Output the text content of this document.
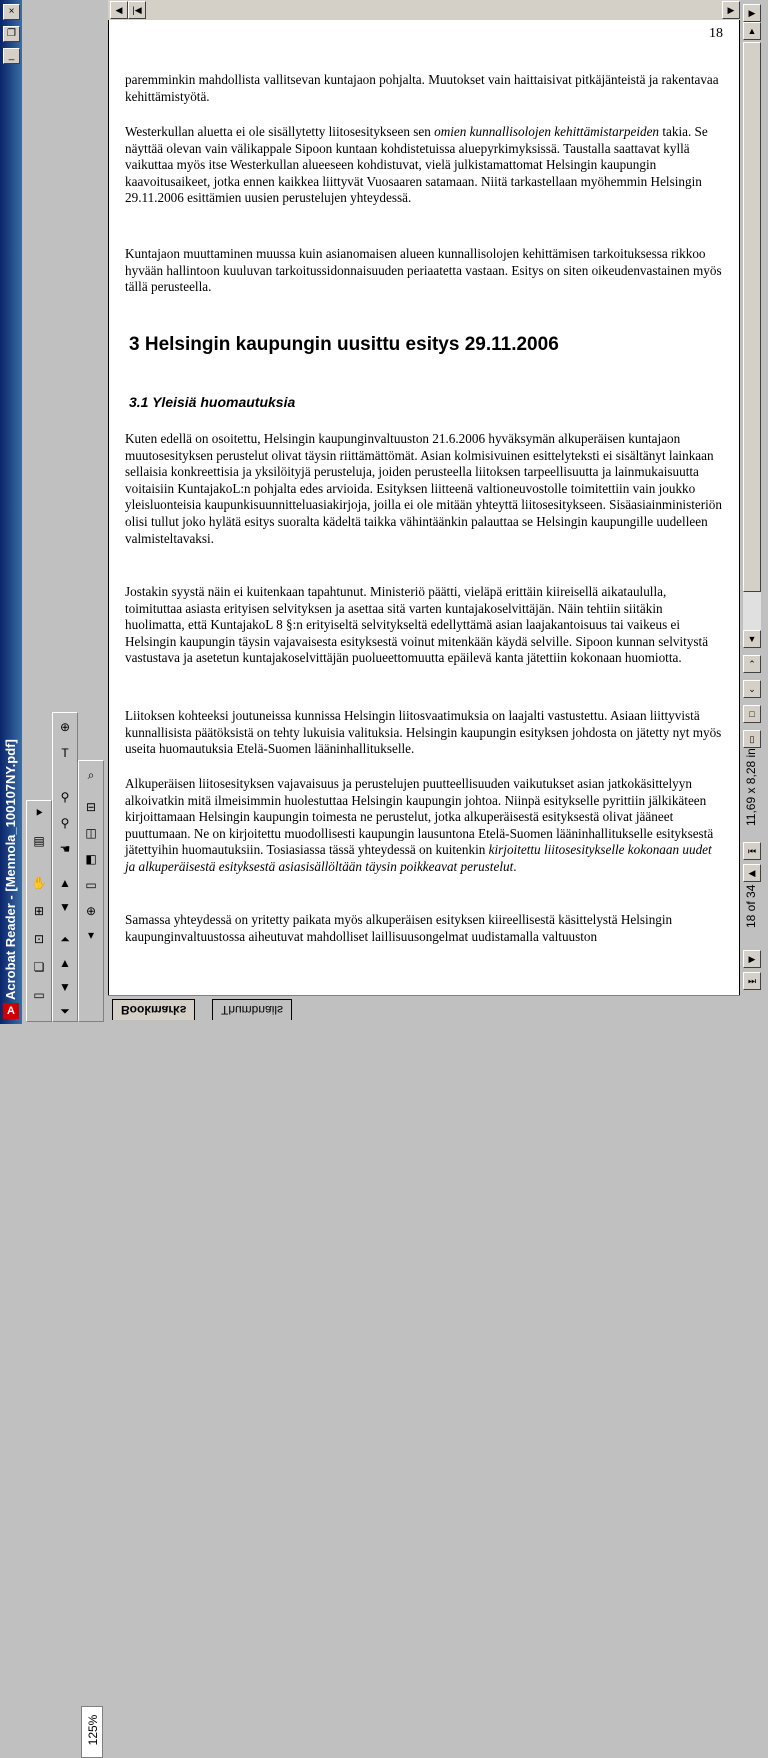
×
❐
_
Acrobat Reader - [Mennola_100107NY.pdf]
A
⯈
▤
✋
⊞
⊡
❏
▭
⊕
T
⚲
⚲
☚
▲
▼
⏶
▲
▼
⏷
⌕
⊟
◫
◧
▭
⊕
▾
125%
◀	|◀	▶
18

paremminkin mahdollista vallitsevan kuntajaon pohjalta. Muutokset vain haittaisivat pitkäjänteistä ja rakentavaa kehittämistyötä.

Westerkullan aluetta ei ole sisällytetty liitosesitykseen sen omien kunnallisolojen kehittämistarpeiden takia. Se näyttää olevan vain välikappale Sipoon kuntaan kohdistetuissa aluepyrkimyksissä. Taustalla saattavat kyllä vaikuttaa myös itse Westerkullan alueeseen kohdistuvat, vielä julkistamattomat Helsingin kaupungin kaavoitusaikeet, jotka ennen kaikkea liittyvät Vuosaaren satamaan. Niitä tarkastellaan myöhemmin Helsingin 29.11.2006 esittämien uusien perustelujen yhteydessä.

Kuntajaon muuttaminen muussa kuin asianomaisen alueen kunnallisolojen kehittämisen tarkoituksessa rikkoo hyvään hallintoon kuuluvan tarkoitussidonnaisuuden periaatetta vastaan. Esitys on siten oikeudenvastainen myös tällä perusteella.

3 Helsingin kaupungin uusittu esitys 29.11.2006
3.1 Yleisiä huomautuksia

Kuten edellä on osoitettu, Helsingin kaupunginvaltuuston 21.6.2006 hyväksymän alkuperäisen kuntajaon muutosesityksen perustelut olivat täysin riittämättömät. Asian kolmisivuinen esittelyteksti ei sisältänyt lainkaan sellaisia konkreettisia ja yksilöityjä perusteluja, joiden perusteella liitoksen tarpeellisuutta ja lainmukaisuutta voitaisiin KuntajakoL:n pohjalta edes arvioida. Esityksen liitteenä valtioneuvostolle toimitettiin vain joukko yleisluonteisia kaupunkisuunnitteluasiakirjoja, joilla ei ole mitään yhteyttä liitosesitykseen. Sisäasiainministeriön olisi tullut joko hylätä esitys suoralta kädeltä taikka vähintäänkin palauttaa se Helsingin kaupungille uudelleen valmisteltavaksi.

Jostakin syystä näin ei kuitenkaan tapahtunut. Ministeriö päätti, vieläpä erittäin kiireisellä aikataululla, toimituttaa asiasta erityisen selvityksen ja asettaa sitä varten kuntajakoselvittäjän. Näin tehtiin siitäkin huolimatta, että KuntajakoL 8 §:n erityiseltä selvitykseltä edellyttämä asian laajakantoisuus tai vaikeus ei Helsingin kaupungin täysin vajavaisesta esityksestä voinut mitenkään käydä selville. Sipoon kunnan selvitystä vastustava ja asetetun kuntajakoselvittäjän puolueettomuutta epäilevä kanta jätettiin kokonaan huomiotta.

Liitoksen kohteeksi joutuneissa kunnissa Helsingin liitosvaatimuksia on laajalti vastustettu. Asiaan liittyvistä kunnallisista päätöksistä on tehty lukuisia valituksia. Helsingin kaupungin esityksen johdosta on jätetty nyt myös useita huomautuksia Etelä-Suomen lääninhallitukselle.

Alkuperäisen liitosesityksen vajavaisuus ja perustelujen puutteellisuuden vaikutukset asian jatkokäsittelyyn alkoivatkin mitä ilmeisimmin huolestuttaa Helsingin kaupungin johtoa. Niinpä esitykselle pyrittiin jälkikäteen kirjoittamaan Helsingin kaupungin toimesta ne perustelut, jotka alkuperäisestä esityksestä olivat jääneet puuttumaan. Ne on kirjoitettu muodollisesti kaupungin lausuntona Etelä-Suomen lääninhallitukselle esityksestä jätettyihin huomautuksiin. Tosiasiassa tässä yhteydessä on kuitenkin kirjoitettu liitosesitykselle kokonaan uudet ja alkuperäisestä esityksestä asiasisällöltään täysin poikkeavat perustelut.

Samassa yhteydessä on yritetty paikata myös alkuperäisen esityksen kiireellisestä käsittelystä Helsingin kaupunginvaltuustossa aiheutuvat mahdolliset laillisuusongelmat uudistamalla valtuuston

▶
▲
▼
⌃
⌄
□
▯
11,69 x 8,28 in
⏮
◀
18 of 34
▶
⏭
Bookmarks	Thumbnails
